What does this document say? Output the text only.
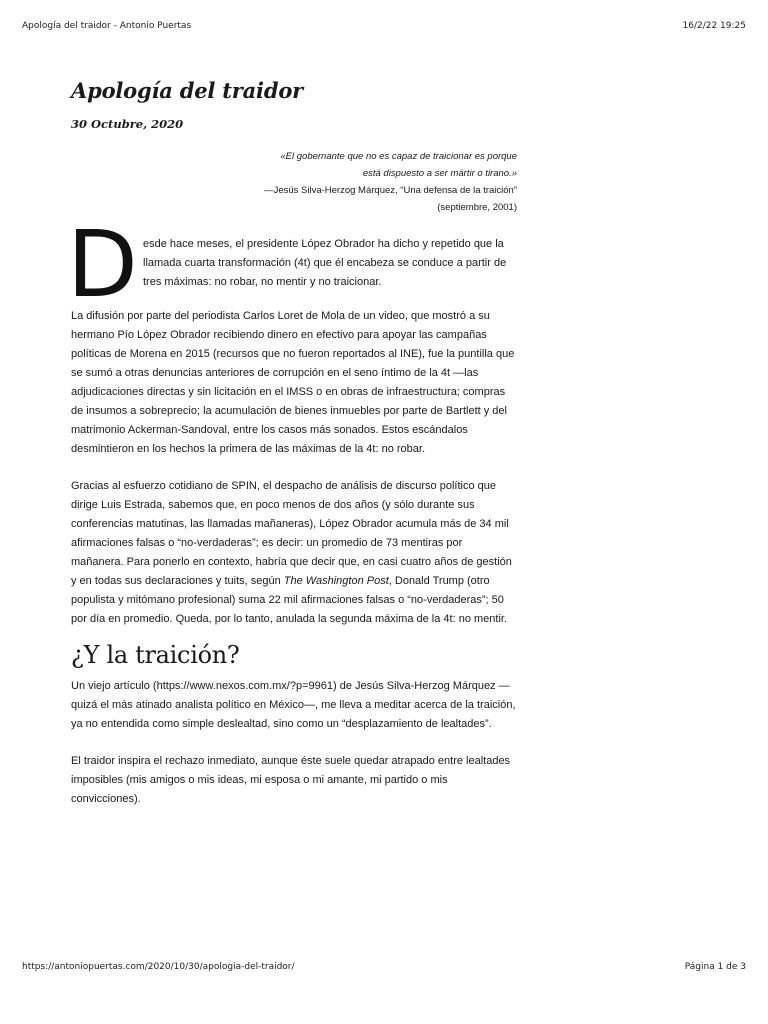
Apología del traidor - Antonio Puertas	16/2/22 19:25
Apología del traidor
30 Octubre, 2020
«El gobernante que no es capaz de traicionar es porque
está dispuesto a ser mártir o tirano.»
—Jesús Silva-Herzog Márquez, “Una defensa de la traición”
(septiembre, 2001)
D esde hace meses, el presidente López Obrador ha dicho y repetido que la llamada cuarta transformación (4t) que él encabeza se conduce a partir de tres máximas: no robar, no mentir y no traicionar.

La difusión por parte del periodista Carlos Loret de Mola de un video, que mostró a su hermano Pío López Obrador recibiendo dinero en efectivo para apoyar las campañas políticas de Morena en 2015 (recursos que no fueron reportados al INE), fue la puntilla que se sumó a otras denuncias anteriores de corrupción en el seno íntimo de la 4t —las adjudicaciones directas y sin licitación en el IMSS o en obras de infraestructura; compras de insumos a sobreprecio; la acumulación de bienes inmuebles por parte de Bartlett y del matrimonio Ackerman-Sandoval, entre los casos más sonados. Estos escándalos desmintieron en los hechos la primera de las máximas de la 4t: no robar.

Gracias al esfuerzo cotidiano de SPIN, el despacho de análisis de discurso político que dirige Luis Estrada, sabemos que, en poco menos de dos años (y sólo durante sus conferencias matutinas, las llamadas mañaneras), López Obrador acumula más de 34 mil afirmaciones falsas o “no-verdaderas”; es decir: un promedio de 73 mentiras por mañanera. Para ponerlo en contexto, habría que decir que, en casi cuatro años de gestión y en todas sus declaraciones y tuits, según The Washington Post, Donald Trump (otro populista y mitómano profesional) suma 22 mil afirmaciones falsas o “no-verdaderas”; 50 por día en promedio. Queda, por lo tanto, anulada la segunda máxima de la 4t: no mentir.

¿Y la traición?

Un viejo artículo (https://www.nexos.com.mx/?p=9961) de Jesús Silva-Herzog Márquez —quizá el más atinado analista político en México—, me lleva a meditar acerca de la traición, ya no entendida como simple deslealtad, sino como un “desplazamiento de lealtades”.

El traidor inspira el rechazo inmediato, aunque éste suele quedar atrapado entre lealtades imposibles (mis amigos o mis ideas, mi esposa o mi amante, mi partido o mis convicciones).

https://antoniopuertas.com/2020/10/30/apologia-del-traidor/	Página 1 de 3
